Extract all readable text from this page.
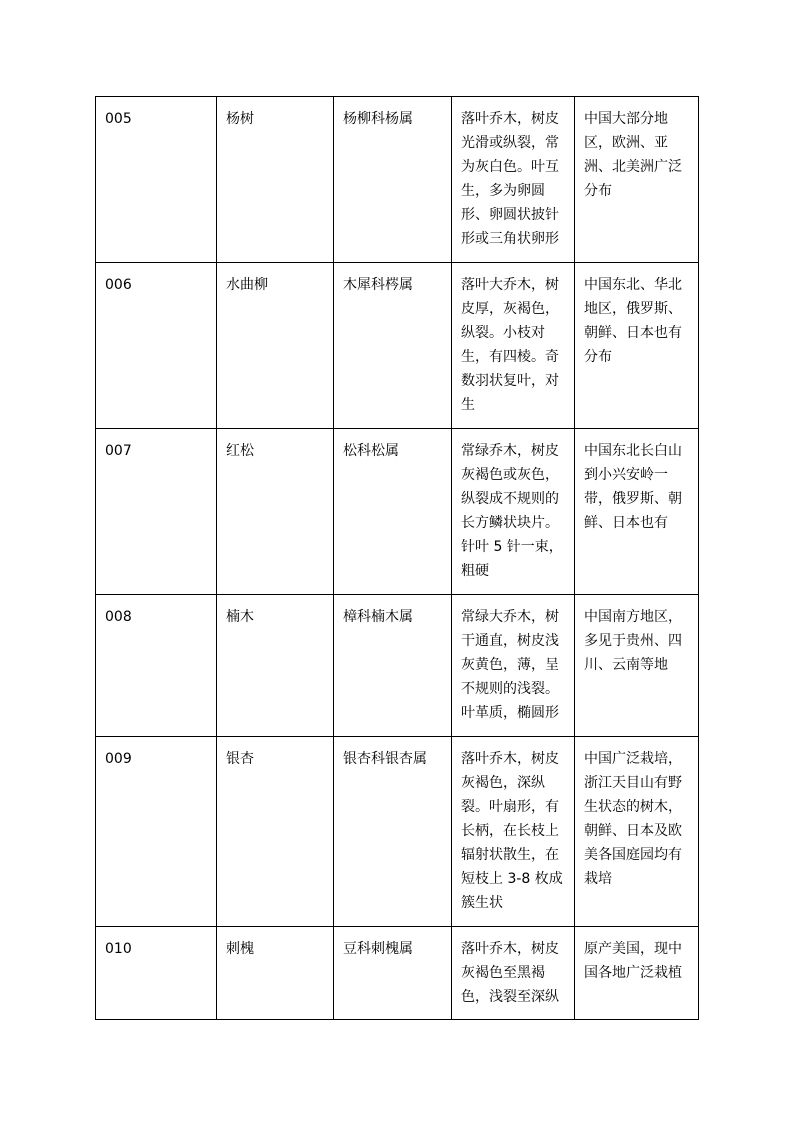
005	杨树	杨柳科杨属	落叶乔木，树皮光滑或纵裂，常为灰白色。叶互生，多为卵圆形、卵圆状披针形或三角状卵形	中国大部分地区，欧洲、亚洲、北美洲广泛分布
006	水曲柳	木犀科梣属	落叶大乔木，树皮厚，灰褐色，纵裂。小枝对生，有四棱。奇数羽状复叶，对生	中国东北、华北地区，俄罗斯、朝鲜、日本也有分布
007	红松	松科松属	常绿乔木，树皮灰褐色或灰色，纵裂成不规则的长方鳞状块片。针叶 5 针一束，粗硬	中国东北长白山到小兴安岭一带，俄罗斯、朝鲜、日本也有
008	楠木	樟科楠木属	常绿大乔木，树干通直，树皮浅灰黄色，薄，呈不规则的浅裂。叶革质，椭圆形	中国南方地区，多见于贵州、四川、云南等地
009	银杏	银杏科银杏属	落叶乔木，树皮灰褐色，深纵裂。叶扇形，有长柄，在长枝上辐射状散生，在短枝上 3-8 枚成簇生状	中国广泛栽培，浙江天目山有野生状态的树木，朝鲜、日本及欧美各国庭园均有栽培
010	刺槐	豆科刺槐属	落叶乔木，树皮灰褐色至黑褐色，浅裂至深纵	原产美国，现中国各地广泛栽植
